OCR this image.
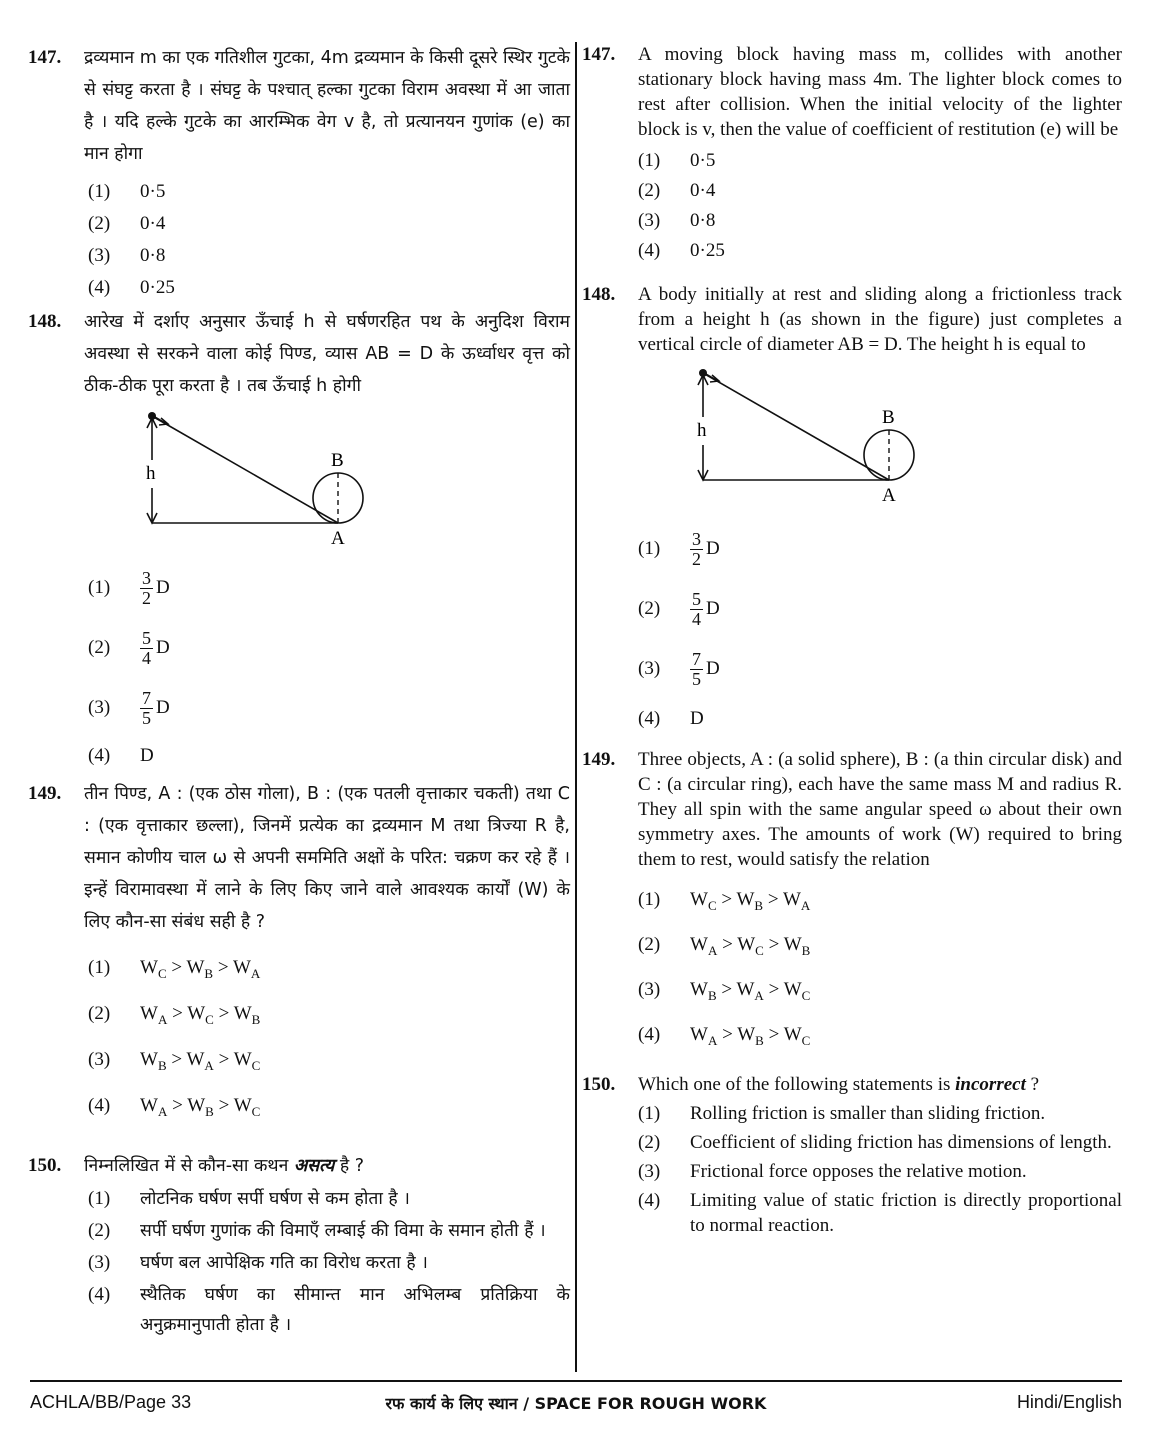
147.	द्रव्यमान m का एक गतिशील गुटका, 4m द्रव्यमान के किसी दूसरे स्थिर गुटके से संघट्ट करता है । संघट्ट के पश्चात् हल्का गुटका विराम अवस्था में आ जाता है । यदि हल्के गुटके का आरम्भिक वेग v है, तो प्रत्यानयन गुणांक (e) का मान होगा
(1)	0·5
(2)	0·4
(3)	0·8
(4)	0·25
148.	आरेख में दर्शाए अनुसार ऊँचाई h से घर्षणरहित पथ के अनुदिश विराम अवस्था से सरकने वाला कोई पिण्ड, व्यास AB = D के ऊर्ध्वाधर वृत्त को ठीक-ठीक पूरा करता है । तब ऊँचाई h होगी
h
B
A
(1)	$\frac{3}{2}$ D
(2)	$\frac{5}{4}$ D
(3)	$\frac{7}{5}$ D
(4)	D
149.	तीन पिण्ड, A : (एक ठोस गोला), B : (एक पतली वृत्ताकार चकती) तथा C : (एक वृत्ताकार छल्ला), जिनमें प्रत्येक का द्रव्यमान M तथा त्रिज्या R है, समान कोणीय चाल ω से अपनी सममिति अक्षों के परित: चक्रण कर रहे हैं । इन्हें विरामावस्था में लाने के लिए किए जाने वाले आवश्यक कार्यों (W) के लिए कौन-सा संबंध सही है ?
(1)	$W_C > W_B > W_A$
(2)	$W_A > W_C > W_B$
(3)	$W_B > W_A > W_C$
(4)	$W_A > W_B > W_C$
150.	निम्नलिखित में से कौन-सा कथन असत्य है ?
(1)	लोटनिक घर्षण सर्पी घर्षण से कम होता है ।
(2)	सर्पी घर्षण गुणांक की विमाएँ लम्बाई की विमा के समान होती हैं ।
(3)	घर्षण बल आपेक्षिक गति का विरोध करता है ।
(4)	स्थैतिक घर्षण का सीमान्त मान अभिलम्ब प्रतिक्रिया के अनुक्रमानुपाती होता है ।
147.	A moving block having mass m, collides with another stationary block having mass 4m. The lighter block comes to rest after collision. When the initial velocity of the lighter block is v, then the value of coefficient of restitution (e) will be
(1)	0·5
(2)	0·4
(3)	0·8
(4)	0·25
148.	A body initially at rest and sliding along a frictionless track from a height h (as shown in the figure) just completes a vertical circle of diameter AB = D. The height h is equal to
h
B
A
(1)	$\frac{3}{2}$ D
(2)	$\frac{5}{4}$ D
(3)	$\frac{7}{5}$ D
(4)	D
149.	Three objects, A : (a solid sphere), B : (a thin circular disk) and C : (a circular ring), each have the same mass M and radius R. They all spin with the same angular speed ω about their own symmetry axes. The amounts of work (W) required to bring them to rest, would satisfy the relation
(1)	$W_C > W_B > W_A$
(2)	$W_A > W_C > W_B$
(3)	$W_B > W_A > W_C$
(4)	$W_A > W_B > W_C$
150.	Which one of the following statements is incorrect ?
(1)	Rolling friction is smaller than sliding friction.
(2)	Coefficient of sliding friction has dimensions of length.
(3)	Frictional force opposes the relative motion.
(4)	Limiting value of static friction is directly proportional to normal reaction.
ACHLA/BB/Page 33	रफ कार्य के लिए स्थान / SPACE FOR ROUGH WORK	Hindi/English
